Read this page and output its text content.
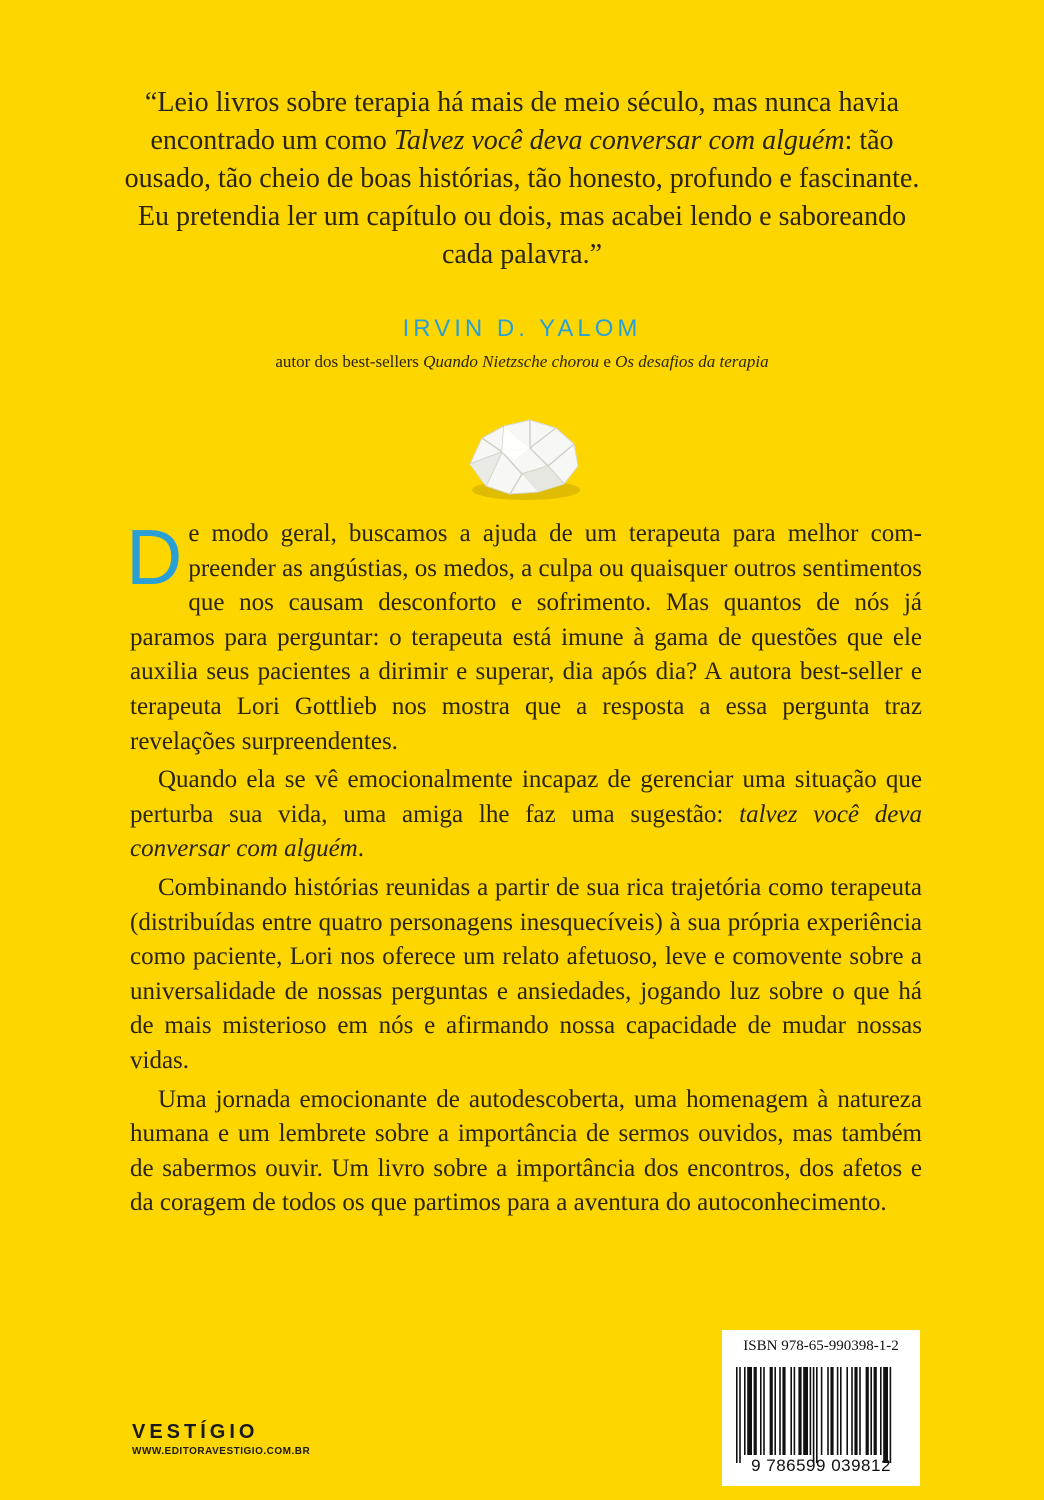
“Leio livros sobre terapia há mais de meio século, mas nunca havia encontrado um como Talvez você deva conversar com alguém: tão ousado, tão cheio de boas histórias, tão honesto, profundo e fascinante. Eu pretendia ler um capítulo ou dois, mas acabei lendo e saboreando cada palavra.”
IRVIN D. YALOM
autor dos best-sellers Quando Nietzsche chorou e Os desafios da terapia

De modo geral, buscamos a ajuda de um terapeuta para melhor compreender as angústias, os medos, a culpa ou quaisquer outros sentimentos que nos causam desconforto e sofrimento. Mas quantos de nós já paramos para perguntar: o terapeuta está imune à gama de questões que ele auxilia seus pacientes a dirimir e superar, dia após dia? A autora best-seller e terapeuta Lori Gottlieb nos mostra que a resposta a essa pergunta traz revelações surpreendentes.

Quando ela se vê emocionalmente incapaz de gerenciar uma situação que perturba sua vida, uma amiga lhe faz uma sugestão: talvez você deva conversar com alguém.

Combinando histórias reunidas a partir de sua rica trajetória como terapeuta (distribuídas entre quatro personagens inesquecíveis) à sua própria experiência como paciente, Lori nos oferece um relato afetuoso, leve e comovente sobre a universalidade de nossas perguntas e ansiedades, jogando luz sobre o que há de mais misterioso em nós e afirmando nossa capacidade de mudar nossas vidas.

Uma jornada emocionante de autodescoberta, uma homenagem à natureza humana e um lembrete sobre a importância de sermos ouvidos, mas também de sabermos ouvir. Um livro sobre a importância dos encontros, dos afetos e da coragem de todos os que partimos para a aventura do autoconhecimento.

VESTÍGIO
WWW.EDITORAVESTIGIO.COM.BR
ISBN 978-65-990398-1-2
9 786599 039812
